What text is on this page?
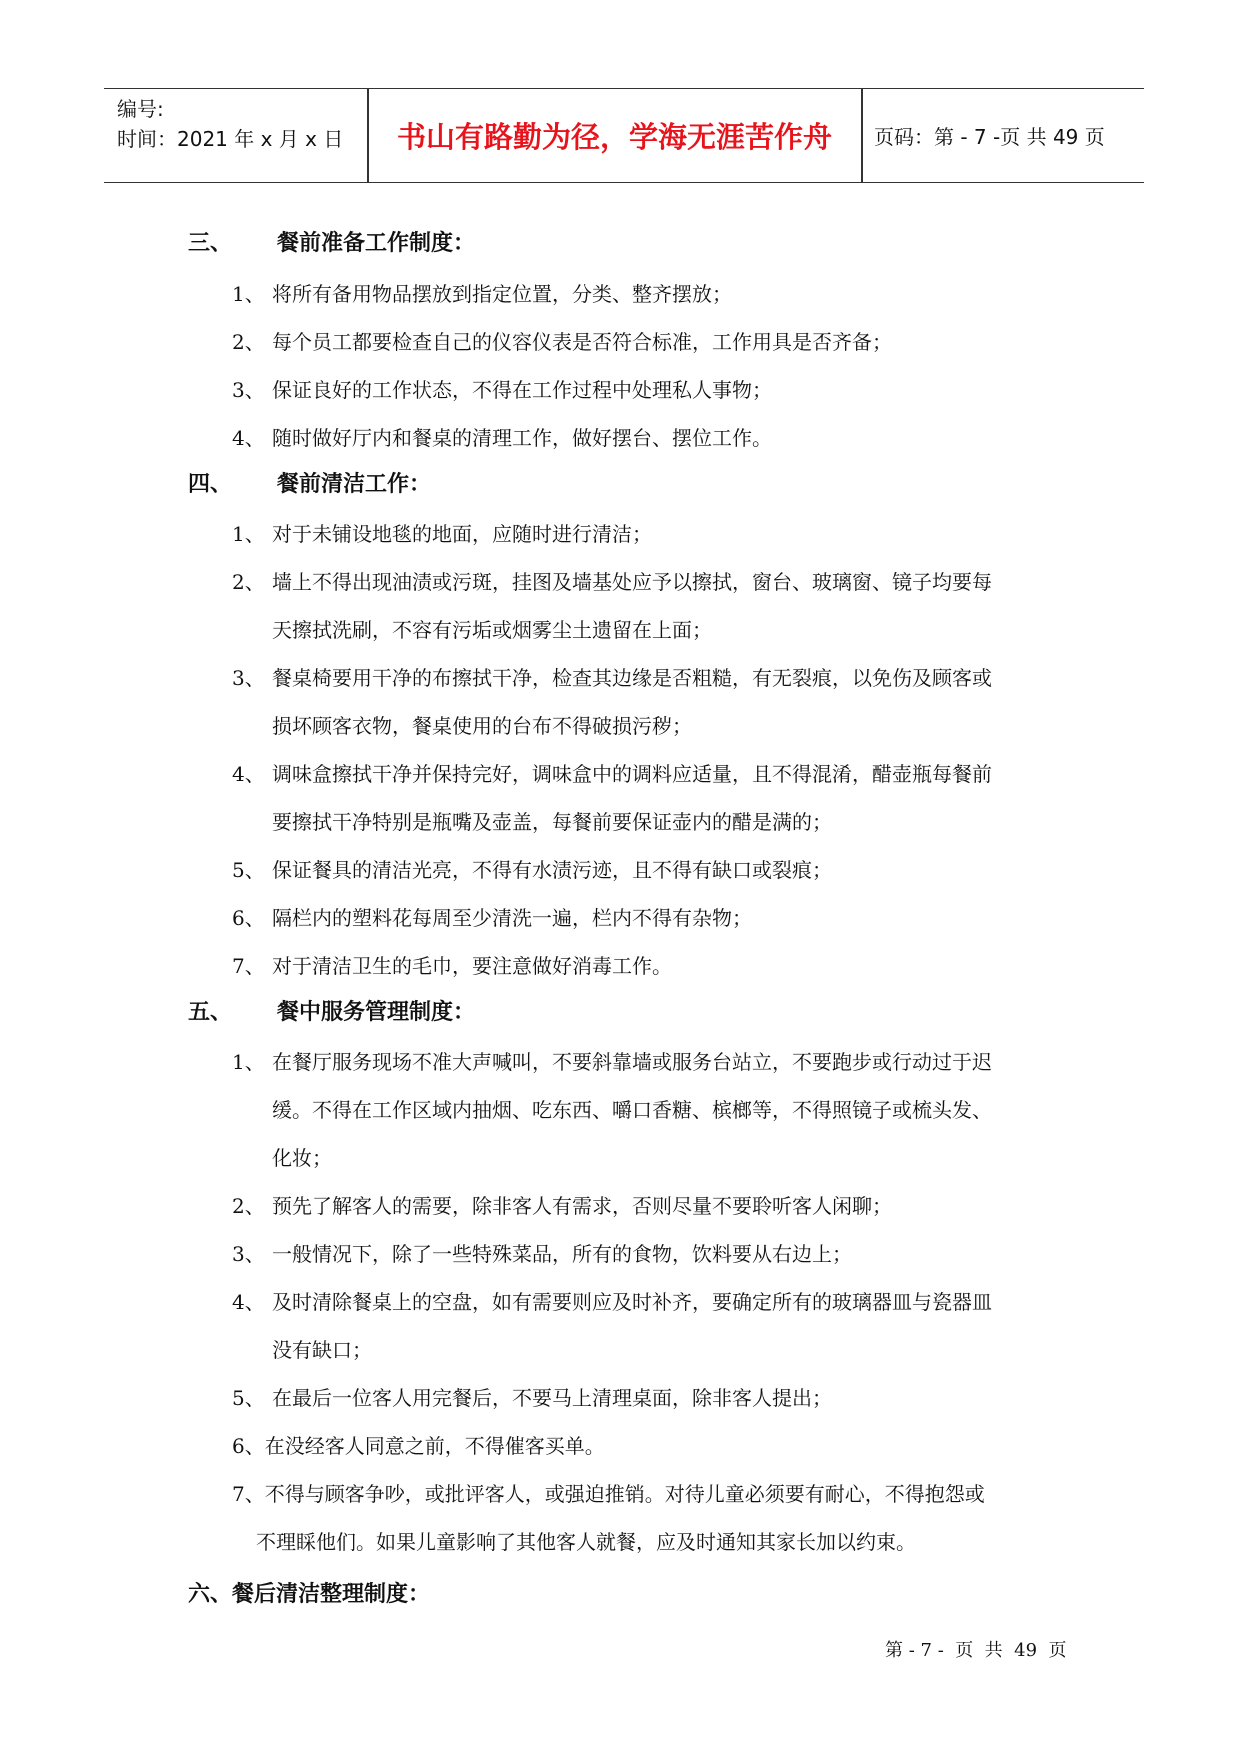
编号:
时间：2021 年 x 月 x 日	书山有路勤为径，学海无涯苦作舟	页码：第 - 7 -页 共 49 页
三、 餐前准备工作制度：
1、 将所有备用物品摆放到指定位置，分类、整齐摆放；
2、 每个员工都要检查自己的仪容仪表是否符合标准，工作用具是否齐备；
3、 保证良好的工作状态，不得在工作过程中处理私人事物；
4、 随时做好厅内和餐桌的清理工作，做好摆台、摆位工作。
四、 餐前清洁工作：
1、 对于未铺设地毯的地面，应随时进行清洁；
2、 墙上不得出现油渍或污斑，挂图及墙基处应予以擦拭，窗台、玻璃窗、镜子均要每
天擦拭洗刷，不容有污垢或烟雾尘土遗留在上面；
3、 餐桌椅要用干净的布擦拭干净，检查其边缘是否粗糙，有无裂痕，以免伤及顾客或
损坏顾客衣物，餐桌使用的台布不得破损污秽；
4、 调味盒擦拭干净并保持完好，调味盒中的调料应适量，且不得混淆，醋壶瓶每餐前
要擦拭干净特别是瓶嘴及壶盖，每餐前要保证壶内的醋是满的；
5、 保证餐具的清洁光亮，不得有水渍污迹，且不得有缺口或裂痕；
6、 隔栏内的塑料花每周至少清洗一遍，栏内不得有杂物；
7、 对于清洁卫生的毛巾，要注意做好消毒工作。
五、 餐中服务管理制度：
1、 在餐厅服务现场不准大声喊叫，不要斜靠墙或服务台站立，不要跑步或行动过于迟
缓。不得在工作区域内抽烟、吃东西、嚼口香糖、槟榔等，不得照镜子或梳头发、
化妆；
2、 预先了解客人的需要，除非客人有需求，否则尽量不要聆听客人闲聊；
3、 一般情况下，除了一些特殊菜品，所有的食物，饮料要从右边上；
4、 及时清除餐桌上的空盘，如有需要则应及时补齐，要确定所有的玻璃器皿与瓷器皿
没有缺口；
5、 在最后一位客人用完餐后，不要马上清理桌面，除非客人提出；
6、在没经客人同意之前，不得催客买单。
7、不得与顾客争吵，或批评客人，或强迫推销。对待儿童必须要有耐心，不得抱怨或
不理睬他们。如果儿童影响了其他客人就餐，应及时通知其家长加以约束。
六、餐后清洁整理制度：
第 - 7 -  页  共  49  页
